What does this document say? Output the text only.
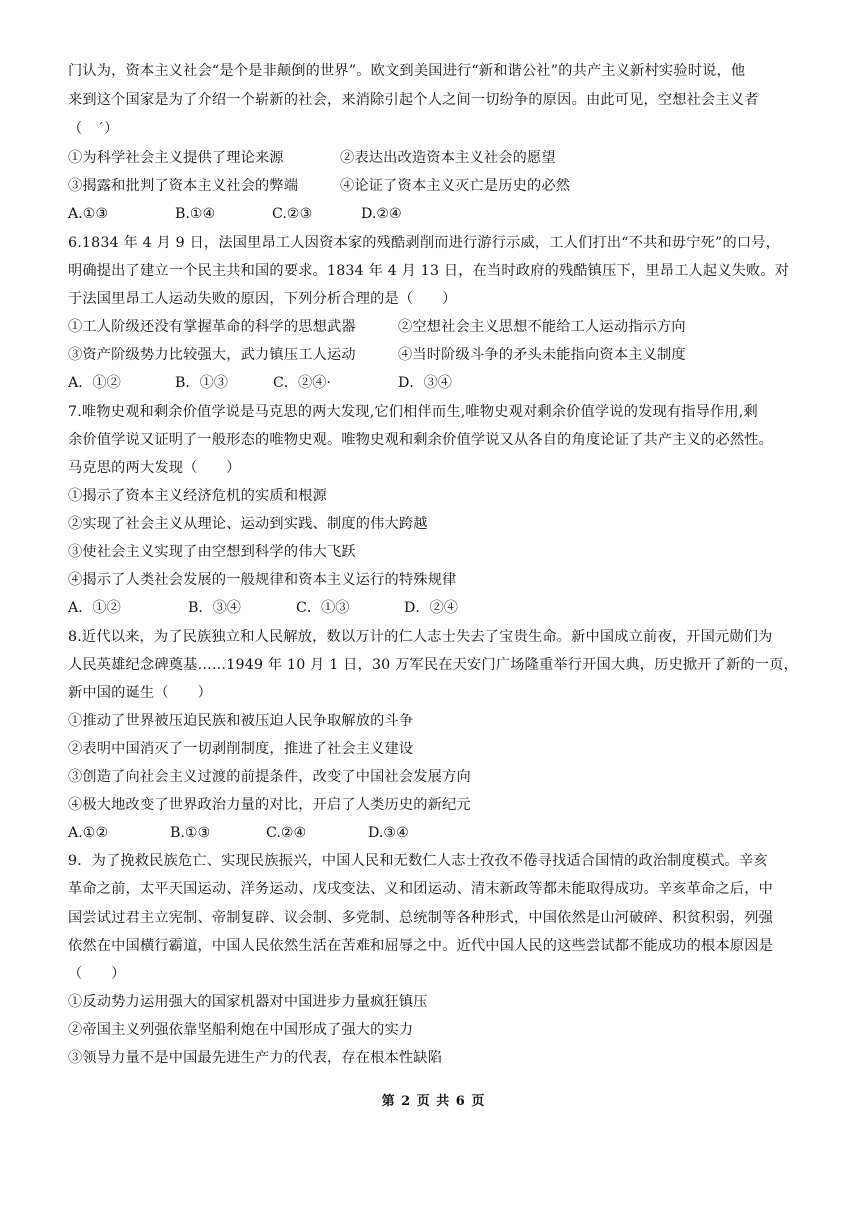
门认为，资本主义社会“是个是非颠倒的世界”。欧文到美国进行“新和谐公社”的共产主义新村实验时说，他
来到这个国家是为了介绍一个崭新的社会，来消除引起个人之间一切纷争的原因。由此可见，空想社会主义者
（　ˊ）
①为科学社会主义提供了理论来源	②表达出改造资本主义社会的愿望
③揭露和批判了资本主义社会的弊端	④论证了资本主义灭亡是历史的必然

A.①③

	B.①④

	C.②③

	D.②④

6.1834 年 4 月 9 日，法国里昂工人因资本家的残酷剥削而进行游行示威，工人们打出“不共和毋宁死”的口号，
明确提出了建立一个民主共和国的要求。1834 年 4 月 13 日，在当时政府的残酷镇压下，里昂工人起义失败。对
于法国里昂工人运动失败的原因，下列分析合理的是（　　）
①工人阶级还没有掌握革命的科学的思想武器	②空想社会主义思想不能给工人运动指示方向
③资产阶级势力比较强大，武力镇压工人运动	④当时阶级斗争的矛头未能指向资本主义制度

A．①②

	B．①③

	C．②④·

	D．③④

7.唯物史观和剩余价值学说是马克思的两大发现,它们相伴而生,唯物史观对剩余价值学说的发现有指导作用,剩
余价值学说又证明了一般形态的唯物史观。唯物史观和剩余价值学说又从各自的角度论证了共产主义的必然性。
马克思的两大发现（　　）
①揭示了资本主义经济危机的实质和根源
②实现了社会主义从理论、运动到实践、制度的伟大跨越
③使社会主义实现了由空想到科学的伟大飞跃
④揭示了人类社会发展的一般规律和资本主义运行的特殊规律

A．①②

	B．③④

	C．①③

	D．②④

8.近代以来，为了民族独立和人民解放，数以万计的仁人志士失去了宝贵生命。新中国成立前夜，开国元勋们为
人民英雄纪念碑奠基……1949 年 10 月 1 日，30 万军民在天安门广场隆重举行开国大典，历史掀开了新的一页，
新中国的诞生（　　）
①推动了世界被压迫民族和被压迫人民争取解放的斗争
②表明中国消灭了一切剥削制度，推进了社会主义建设
③创造了向社会主义过渡的前提条件，改变了中国社会发展方向
④极大地改变了世界政治力量的对比，开启了人类历史的新纪元

A.①②

	B.①③

	C.②④

	D.③④

9．为了挽救民族危亡、实现民族振兴，中国人民和无数仁人志士孜孜不倦寻找适合国情的政治制度模式。辛亥
革命之前，太平天国运动、洋务运动、戊戌变法、义和团运动、清末新政等都未能取得成功。辛亥革命之后，中
国尝试过君主立宪制、帝制复辟、议会制、多党制、总统制等各种形式，中国依然是山河破碎、积贫积弱，列强
依然在中国横行霸道，中国人民依然生活在苦难和屈辱之中。近代中国人民的这些尝试都不能成功的根本原因是
（　　）
①反动势力运用强大的国家机器对中国进步力量疯狂镇压
②帝国主义列强依靠坚船利炮在中国形成了强大的实力
③领导力量不是中国最先进生产力的代表，存在根本性缺陷
第 2 页 共 6 页
